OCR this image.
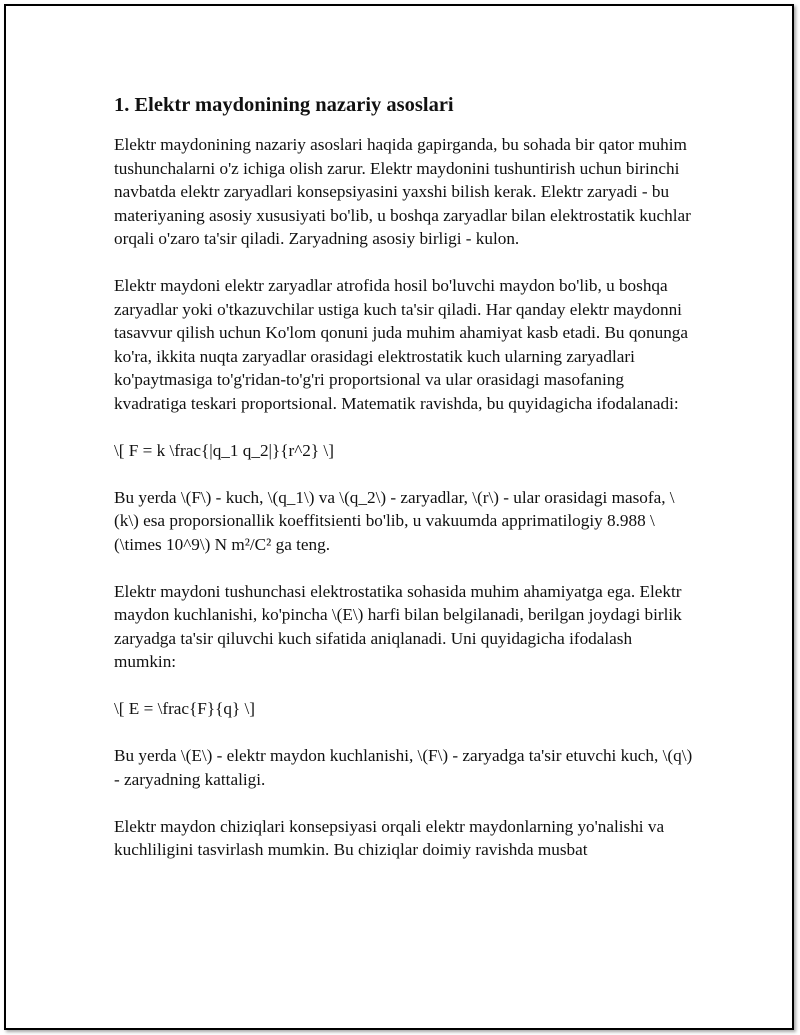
1. Elektr maydonining nazariy asoslari

Elektr maydonining nazariy asoslari haqida gapirganda, bu sohada bir qator muhim tushunchalarni o'z ichiga olish zarur. Elektr maydonini tushuntirish uchun birinchi navbatda elektr zaryadlari konsepsiyasini yaxshi bilish kerak. Elektr zaryadi - bu materiyaning asosiy xususiyati bo'lib, u boshqa zaryadlar bilan elektrostatik kuchlar orqali o'zaro ta'sir qiladi. Zaryadning asosiy birligi - kulon.

Elektr maydoni elektr zaryadlar atrofida hosil bo'luvchi maydon bo'lib, u boshqa zaryadlar yoki o'tkazuvchilar ustiga kuch ta'sir qiladi. Har qanday elektr maydonni tasavvur qilish uchun Ko'lom qonuni juda muhim ahamiyat kasb etadi. Bu qonunga ko'ra, ikkita nuqta zaryadlar orasidagi elektrostatik kuch ularning zaryadlari ko'paytmasiga to'g'ridan-to'g'ri proportsional va ular orasidagi masofaning kvadratiga teskari proportsional. Matematik ravishda, bu quyidagicha ifodalanadi:

\[ F = k \frac{|q_1 q_2|}{r^2} \]

Bu yerda \(F\) - kuch, \(q_1\) va \(q_2\) - zaryadlar, \(r\) - ular orasidagi masofa, \(k\) esa proporsionallik koeffitsienti bo'lib, u vakuumda apprimatilogiy 8.988 \(\times 10^9\) N m²/C² ga teng.

Elektr maydoni tushunchasi elektrostatika sohasida muhim ahamiyatga ega. Elektr maydon kuchlanishi, ko'pincha \(E\) harfi bilan belgilanadi, berilgan joydagi birlik zaryadga ta'sir qiluvchi kuch sifatida aniqlanadi. Uni quyidagicha ifodalash mumkin:

\[ E = \frac{F}{q} \]

Bu yerda \(E\) - elektr maydon kuchlanishi, \(F\) - zaryadga ta'sir etuvchi kuch, \(q\) - zaryadning kattaligi.

Elektr maydon chiziqlari konsepsiyasi orqali elektr maydonlarning yo'nalishi va kuchliligini tasvirlash mumkin. Bu chiziqlar doimiy ravishda musbat
